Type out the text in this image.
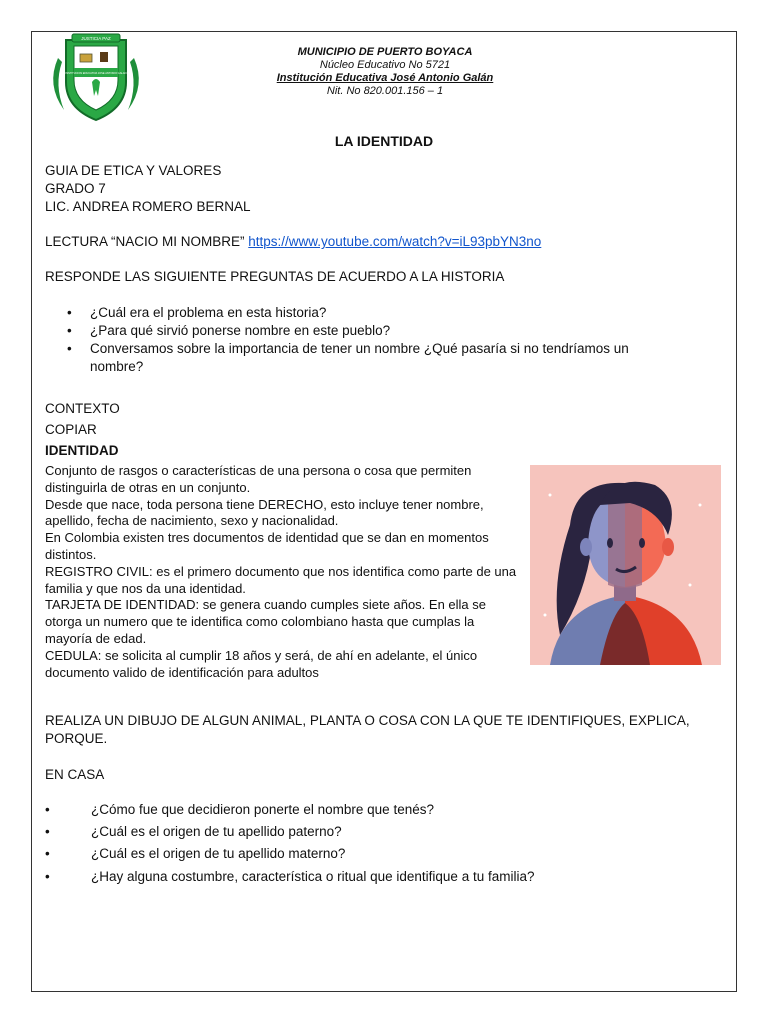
JUSTICIA PAZ
INSTITUCION EDUCATIVA JOSE ANTONIO GALAN
MUNICIPIO DE PUERTO BOYACA
Núcleo Educativo No 5721
Institución Educativa José Antonio Galán
Nit. No 820.001.156 – 1
LA IDENTIDAD
GUIA DE ETICA Y VALORES
GRADO 7
LIC. ANDREA ROMERO BERNAL
LECTURA “NACIO MI NOMBRE” https://www.youtube.com/watch?v=iL93pbYN3no
RESPONDE LAS SIGUIENTE PREGUNTAS DE ACUERDO A LA HISTORIA
• ¿Cuál era el problema en esta historia?
• ¿Para qué sirvió ponerse nombre en este pueblo?
• Conversamos sobre la importancia de tener un nombre ¿Qué pasaría si no tendríamos un nombre?
CONTEXTO
COPIAR
IDENTIDAD

Conjunto de rasgos o características de una persona o cosa que permiten distinguirla de otras en un conjunto.

Desde que nace, toda persona tiene DERECHO, esto incluye tener nombre, apellido, fecha de nacimiento, sexo y nacionalidad.

En Colombia existen tres documentos de identidad que se dan en momentos distintos.

REGISTRO CIVIL: es el primero documento que nos identifica como parte de una familia y que nos da una identidad.

TARJETA DE IDENTIDAD: se genera cuando cumples siete años. En ella se otorga un numero que te identifica como colombiano hasta que cumplas la mayoría de edad.

CEDULA: se solicita al cumplir 18 años y será, de ahí en adelante, el único documento valido de identificación para adultos

REALIZA UN DIBUJO DE ALGUN ANIMAL, PLANTA O COSA CON LA QUE TE IDENTIFIQUES, EXPLICA, PORQUE.
EN CASA
•	¿Cómo fue que decidieron ponerte el nombre que tenés?
•	¿Cuál es el origen de tu apellido paterno?
•	¿Cuál es el origen de tu apellido materno?
•	¿Hay alguna costumbre, característica o ritual que identifique a tu familia?
